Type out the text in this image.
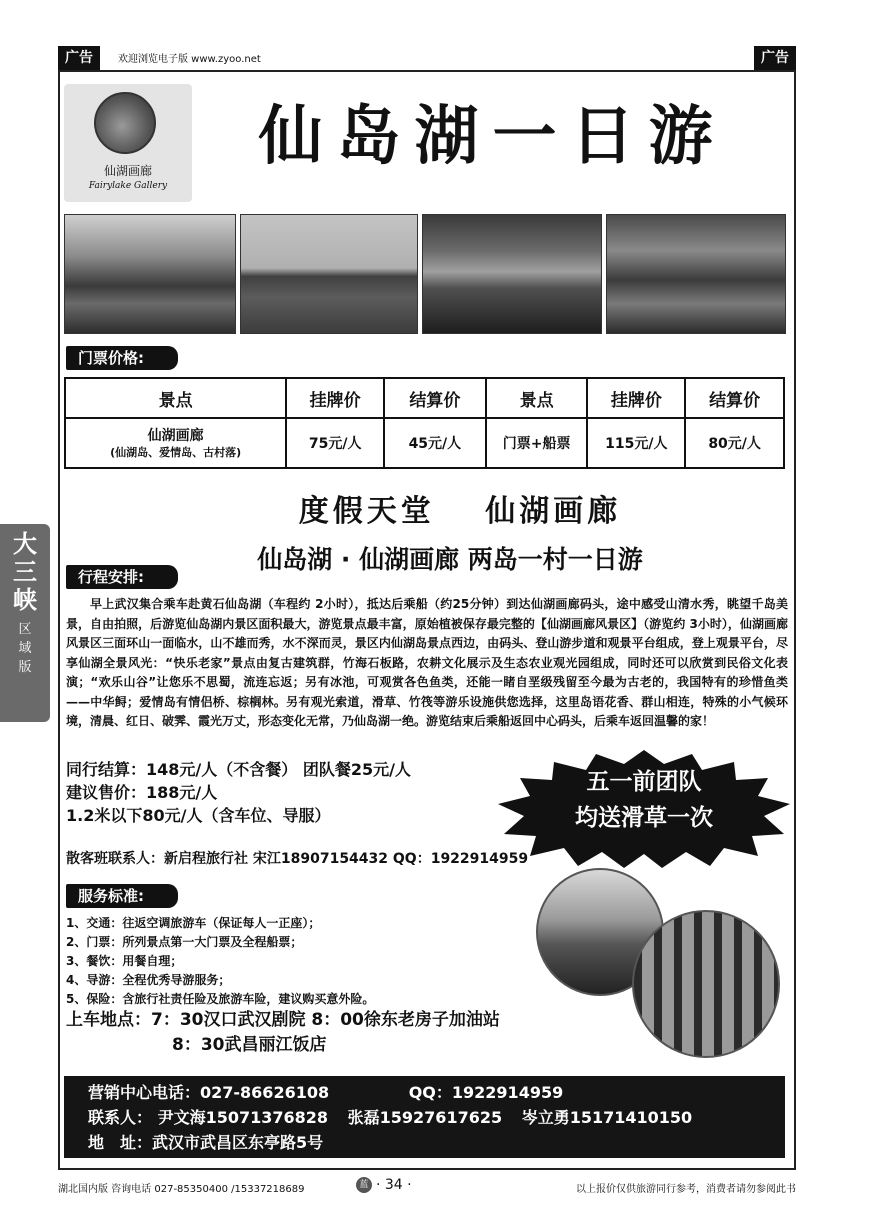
广告	欢迎浏览电子版 www.zyoo.net	广告
仙湖画廊
Fairylake Gallery
仙岛湖一日游
门票价格:
景点	挂牌价	结算价	景点	挂牌价	结算价

仙湖画廊
(仙湖岛、爱情岛、古村落)	75元/人	45元/人	门票+船票	115元/人	80元/人
度假天堂 仙湖画廊
仙岛湖 · 仙湖画廊 两岛一村一日游
大三峡
区域版
行程安排:
早上武汉集合乘车赴黄石仙岛湖（车程约 2小时），抵达后乘船（约25分钟）到达仙湖画廊码头，途中感受山清水秀，眺望千岛美景，自由拍照，后游览仙岛湖内景区面积最大，游览景点最丰富，原始植被保存最完整的【仙湖画廊风景区】（游览约 3小时），仙湖画廊风景区三面环山一面临水，山不雄而秀，水不深而灵，景区内仙湖岛景点西边，由码头、登山游步道和观景平台组成，登上观景平台，尽享仙湖全景风光：“快乐老家”景点由复古建筑群，竹海石板路，农耕文化展示及生态农业观光园组成，同时还可以欣赏到民俗文化表演；“欢乐山谷”让您乐不思蜀，流连忘返；另有冰池，可观赏各色鱼类，还能一睹自垩级残留至今最为古老的，我国特有的珍惜鱼类——中华鲟；爱情岛有情侣桥、棕榈林。另有观光索道，滑草、竹筏等游乐设施供您选择，这里岛语花香、群山相连，特殊的小气候环境，清晨、红日、破霁、霞光万丈，形态变化无常，乃仙岛湖一绝。游览结束后乘船返回中心码头，后乘车返回温馨的家！
同行结算：148元/人（不含餐） 团队餐25元/人
建议售价：188元/人
1.2米以下80元/人（含车位、导服）
五一前团队
均送滑草一次
散客班联系人：新启程旅行社 宋江18907154432 QQ：1922914959
服务标准:
1、交通：往返空调旅游车（保证每人一正座）；
2、门票：所列景点第一大门票及全程船票；
3、餐饮：用餐自理；
4、导游：全程优秀导游服务；
5、保险：含旅行社责任险及旅游车险，建议购买意外险。
上车地点：7：30汉口武汉剧院 8：00徐东老房子加油站
8：30武昌丽江饭店
营销中心电话：027-86626108	QQ：1922914959
联系人： 尹文海15071376828 张磊15927617625 岑立勇15171410150
地　址：武汉市武昌区东亭路5号
湖北国内版 咨询电话 027-85350400 /15337218689	蓝 · 34 ·	以上报价仅供旅游同行参考，消费者请勿参阅此书
